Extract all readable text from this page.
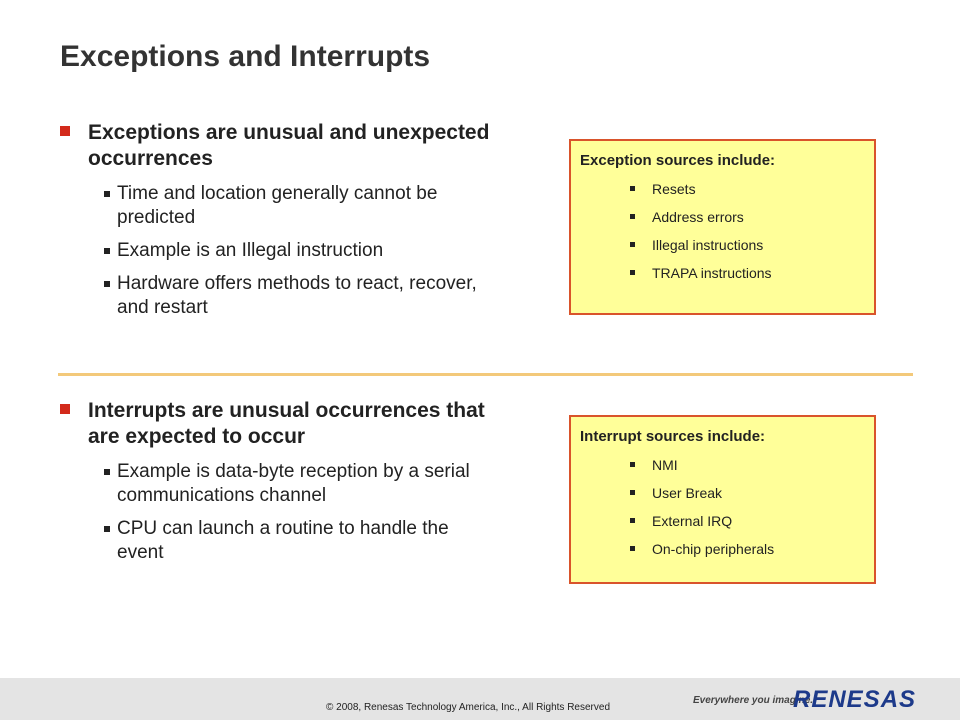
Exceptions and Interrupts
Exceptions are unusual and unexpected occurrences
Time and location generally cannot be predicted
Example is an Illegal instruction
Hardware offers methods to react, recover, and restart
Interrupts are unusual occurrences that are expected to occur
Example is data-byte reception by a serial communications channel
CPU can launch a routine to handle the event
Exception sources include:
Resets
Address errors
Illegal instructions
TRAPA instructions
Interrupt sources include:
NMI
User Break
External IRQ
On-chip peripherals
© 2008, Renesas Technology America, Inc., All Rights Reserved
Everywhere you imagine.
RENESAS
